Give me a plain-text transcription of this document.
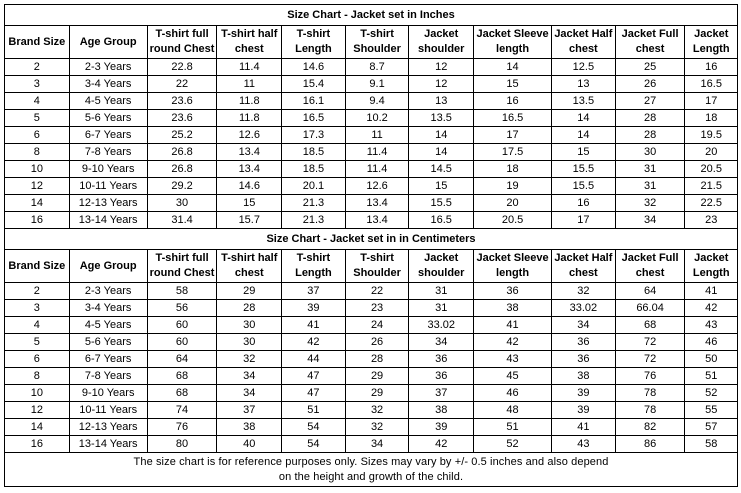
Size Chart - Jacket set in Inches										
Brand Size	Age Group	T-shirt full round Chest	T-shirt half chest	T-shirt Length	T-shirt Shoulder	Jacket shoulder	Jacket Sleeve length	Jacket Half chest	Jacket Full chest	Jacket Length
2	2-3 Years	22.8	11.4	14.6	8.7	12	14	12.5	25	16
3	3-4 Years	22	11	15.4	9.1	12	15	13	26	16.5
4	4-5 Years	23.6	11.8	16.1	9.4	13	16	13.5	27	17
5	5-6 Years	23.6	11.8	16.5	10.2	13.5	16.5	14	28	18
6	6-7 Years	25.2	12.6	17.3	11	14	17	14	28	19.5
8	7-8 Years	26.8	13.4	18.5	11.4	14	17.5	15	30	20
10	9-10 Years	26.8	13.4	18.5	11.4	14.5	18	15.5	31	20.5
12	10-11 Years	29.2	14.6	20.1	12.6	15	19	15.5	31	21.5
14	12-13 Years	30	15	21.3	13.4	15.5	20	16	32	22.5
16	13-14 Years	31.4	15.7	21.3	13.4	16.5	20.5	17	34	23
Size Chart - Jacket set in in Centimeters										
Brand Size	Age Group	T-shirt full round Chest	T-shirt half chest	T-shirt Length	T-shirt Shoulder	Jacket shoulder	Jacket Sleeve length	Jacket Half chest	Jacket Full chest	Jacket Length
2	2-3 Years	58	29	37	22	31	36	32	64	41
3	3-4 Years	56	28	39	23	31	38	33.02	66.04	42
4	4-5 Years	60	30	41	24	33.02	41	34	68	43
5	5-6 Years	60	30	42	26	34	42	36	72	46
6	6-7 Years	64	32	44	28	36	43	36	72	50
8	7-8 Years	68	34	47	29	36	45	38	76	51
10	9-10 Years	68	34	47	29	37	46	39	78	52
12	10-11 Years	74	37	51	32	38	48	39	78	55
14	12-13 Years	76	38	54	32	39	51	41	82	57
16	13-14 Years	80	40	54	34	42	52	43	86	58

The size chart is for reference purposes only. Sizes may vary by +/- 0.5 inches and also depend
on the height and growth of the child.										
